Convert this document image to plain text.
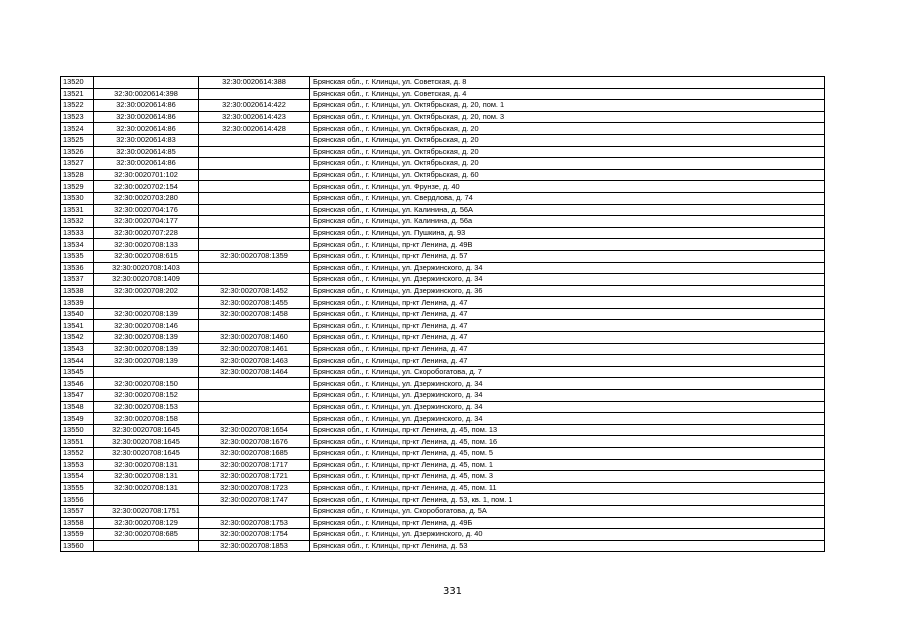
13520		32:30:0020614:388	Брянская обл., г. Клинцы, ул. Советская, д. 8
13521	32:30:0020614:398		Брянская обл., г. Клинцы, ул. Советская, д. 4
13522	32:30:0020614:86	32:30:0020614:422	Брянская обл., г. Клинцы, ул. Октябрьская, д. 20, пом. 1
13523	32:30:0020614:86	32:30:0020614:423	Брянская обл., г. Клинцы, ул. Октябрьская, д. 20, пом. 3
13524	32:30:0020614:86	32:30:0020614:428	Брянская обл., г. Клинцы, ул. Октябрьская, д. 20
13525	32:30:0020614:83		Брянская обл., г. Клинцы, ул. Октябрьская, д. 20
13526	32:30:0020614:85		Брянская обл., г. Клинцы, ул. Октябрьская, д. 20
13527	32:30:0020614:86		Брянская обл., г. Клинцы, ул. Октябрьская, д. 20
13528	32:30:0020701:102		Брянская обл., г. Клинцы, ул. Октябрьская, д. 60
13529	32:30:0020702:154		Брянская обл., г. Клинцы, ул. Фрунзе, д. 40
13530	32:30:0020703:280		Брянская обл., г. Клинцы, ул. Свердлова, д. 74
13531	32:30:0020704:176		Брянская обл., г. Клинцы, ул. Калинина, д. 56А
13532	32:30:0020704:177		Брянская обл., г. Клинцы, ул. Калинина, д. 56а
13533	32:30:0020707:228		Брянская обл., г. Клинцы, ул. Пушкина, д. 93
13534	32:30:0020708:133		Брянская обл., г. Клинцы, пр-кт Ленина, д. 49В
13535	32:30:0020708:615	32:30:0020708:1359	Брянская обл., г. Клинцы, пр-кт Ленина, д. 57
13536	32:30:0020708:1403		Брянская обл., г. Клинцы, ул. Дзержинского, д. 34
13537	32:30:0020708:1409		Брянская обл., г. Клинцы, ул. Дзержинского, д. 34
13538	32:30:0020708:202	32:30:0020708:1452	Брянская обл., г. Клинцы, ул. Дзержинского, д. 36
13539		32:30:0020708:1455	Брянская обл., г. Клинцы, пр-кт Ленина, д. 47
13540	32:30:0020708:139	32:30:0020708:1458	Брянская обл., г. Клинцы, пр-кт Ленина, д. 47
13541	32:30:0020708:146		Брянская обл., г. Клинцы, пр-кт Ленина, д. 47
13542	32:30:0020708:139	32:30:0020708:1460	Брянская обл., г. Клинцы, пр-кт Ленина, д. 47
13543	32:30:0020708:139	32:30:0020708:1461	Брянская обл., г. Клинцы, пр-кт Ленина, д. 47
13544	32:30:0020708:139	32:30:0020708:1463	Брянская обл., г. Клинцы, пр-кт Ленина, д. 47
13545		32:30:0020708:1464	Брянская обл., г. Клинцы, ул. Скоробогатова, д. 7
13546	32:30:0020708:150		Брянская обл., г. Клинцы, ул. Дзержинского, д. 34
13547	32:30:0020708:152		Брянская обл., г. Клинцы, ул. Дзержинского, д. 34
13548	32:30:0020708:153		Брянская обл., г. Клинцы, ул. Дзержинского, д. 34
13549	32:30:0020708:158		Брянская обл., г. Клинцы, ул. Дзержинского, д. 34
13550	32:30:0020708:1645	32:30:0020708:1654	Брянская обл., г. Клинцы, пр-кт Ленина, д. 45, пом. 13
13551	32:30:0020708:1645	32:30:0020708:1676	Брянская обл., г. Клинцы, пр-кт Ленина, д. 45, пом. 16
13552	32:30:0020708:1645	32:30:0020708:1685	Брянская обл., г. Клинцы, пр-кт Ленина, д. 45, пом. 5
13553	32:30:0020708:131	32:30:0020708:1717	Брянская обл., г. Клинцы, пр-кт Ленина, д. 45, пом. 1
13554	32:30:0020708:131	32:30:0020708:1721	Брянская обл., г. Клинцы, пр-кт Ленина, д. 45, пом. 3
13555	32:30:0020708:131	32:30:0020708:1723	Брянская обл., г. Клинцы, пр-кт Ленина, д. 45, пом. 11
13556		32:30:0020708:1747	Брянская обл., г. Клинцы, пр-кт Ленина, д. 53, кв. 1, пом. 1
13557	32:30:0020708:1751		Брянская обл., г. Клинцы, ул. Скоробогатова, д. 5А
13558	32:30:0020708:129	32:30:0020708:1753	Брянская обл., г. Клинцы, пр-кт Ленина, д. 49Б
13559	32:30:0020708:685	32:30:0020708:1754	Брянская обл., г. Клинцы, ул. Дзержинского, д. 40
13560		32:30:0020708:1853	Брянская обл., г. Клинцы, пр-кт Ленина, д. 53
331
